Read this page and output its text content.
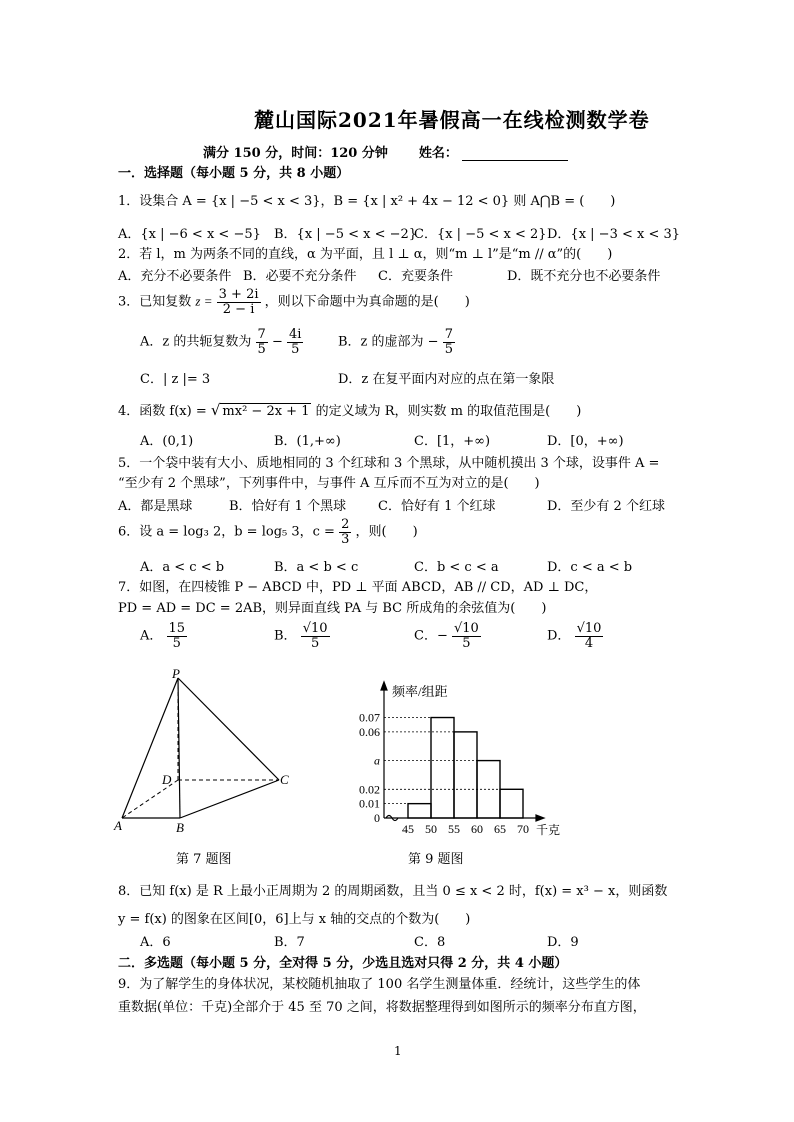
麓山国际2021年暑假高一在线检测数学卷
满分 150 分，时间：120 分钟 姓名：
一．选择题（每小题 5 分，共 8 小题）
1．设集合 A = {x | −5 < x < 3}，B = {x | x² + 4x − 12 < 0} 则 A⋂B = (　　)
A．{x | −6 < x < −5} B．{x | −5 < x < −2}
C．{x | −5 < x < 2} D．{x | −3 < x < 3}
2．若 l，m 为两条不同的直线，α 为平面，且 l ⊥ α，则“m ⊥ l”是“m // α”的(　　)
A．充分不必要条件 B．必要不充分条件 C．充要条件	D．既不充分也不必要条件
3．已知复数 $z = \frac{3 + 2i}{2 - i}$ ，则以下命题中为真命题的是(　　)
A．z 的共轭复数为 $\frac{7}{5} - \frac{4i}{5}$	B．z 的虚部为 − $\frac{7}{5}$
C．| z |= 3	D．z 在复平面内对应的点在第一象限
4．函数 f(x) = √ mx² − 2x + 1 的定义域为 R，则实数 m 的取值范围是(　　)
A．(0,1)	B．(1,+∞)	C．[1，+∞)	D．[0，+∞)
5．一个袋中装有大小、质地相同的 3 个红球和 3 个黑球，从中随机摸出 3 个球，设事件 A =
“至少有 2 个黑球”，下列事件中，与事件 A 互斥而不互为对立的是(　　)
A．都是黑球	B．恰好有 1 个黑球 C．恰好有 1 个红球	D．至少有 2 个红球
6．设 a = log₃ 2，b = log₅ 3，$c = \frac{2}{3}$ ，则(　　)
A．a < c < b	B．a < b < c	C．b < c < a	D．c < a < b
7．如图，在四棱锥 P − ABCD 中，PD ⊥ 平面 ABCD，AB // CD，AD ⊥ DC，
PD = AD = DC = 2AB，则异面直线 PA 与 BC 所成角的余弦值为(　　)
A． $\frac{15}{5}$	B． $\frac{√10}{5}$	C．− $\frac{√10}{5}$	D． $\frac{√10}{4}$
P
A	B
C
D
第 7 题图
频率/组距
千克
0
0.01
0.02
a
0.06
0.07
45 50 55 60 65 70
第 9 题图
8．已知 f(x) 是 R 上最小正周期为 2 的周期函数，且当 0 ≤ x < 2 时，f(x) = x³ − x，则函数
y = f(x) 的图象在区间[0，6]上与 x 轴的交点的个数为(　　)
A．6	B．7	C．8	D．9
二．多选题（每小题 5 分，全对得 5 分，少选且选对只得 2 分，共 4 小题）
9．为了解学生的身体状况，某校随机抽取了 100 名学生测量体重．经统计，这些学生的体
重数据(单位：千克)全部介于 45 至 70 之间，将数据整理得到如图所示的频率分布直方图，
1
